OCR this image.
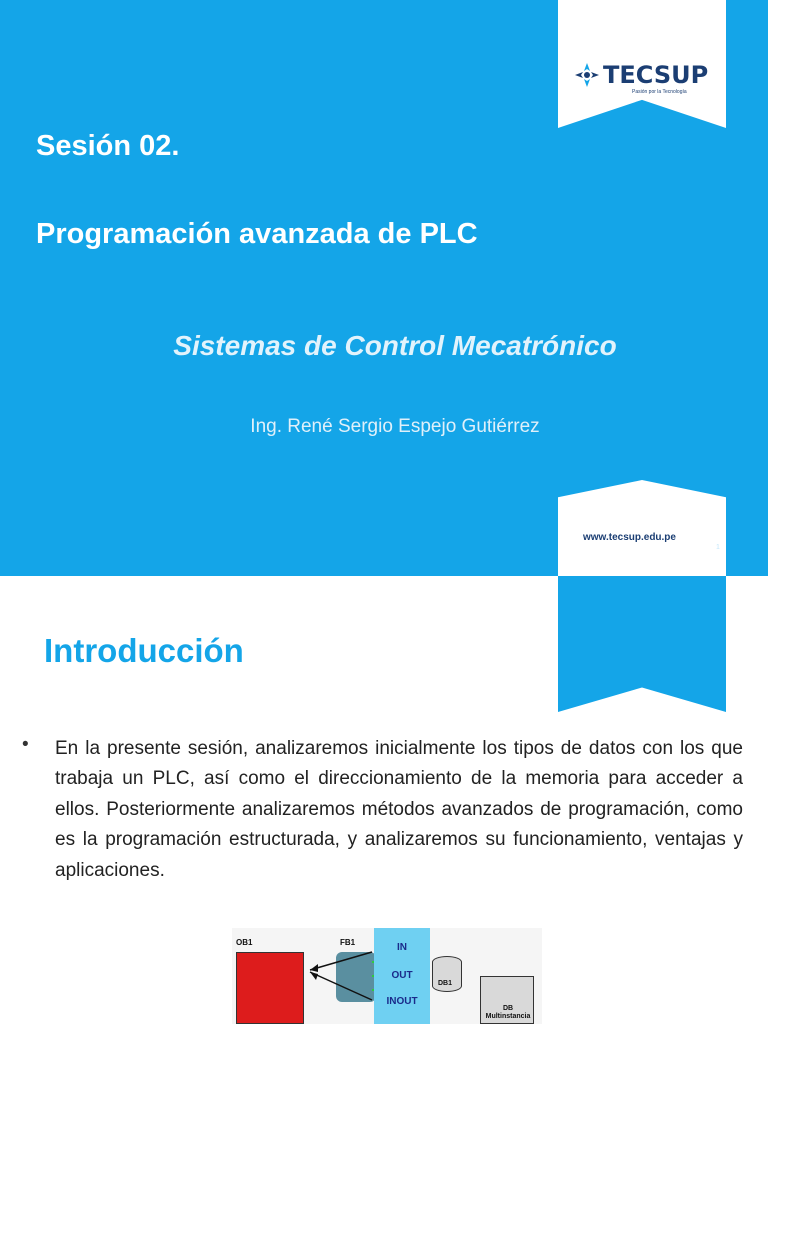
TECSUP
Pasión por la Tecnología
Sesión 02.
Programación avanzada de PLC

Sistemas de Control Mecatrónico

Ing. René Sergio Espejo Gutiérrez

www.tecsup.edu.pe
1
TECSUP
Pasión por la Tecnología
Introducción
• En la presente sesión, analizaremos inicialmente los tipos de datos con los que trabaja un PLC, así como el direccionamiento de la memoria para acceder a ellos. Posteriormente analizaremos métodos avanzados de programación, como es la programación estructurada, y analizaremos su funcionamiento, ventajas y aplicaciones.

OB1	FB1	IN
OUT
INOUT
DB1
DB Multinstancia
